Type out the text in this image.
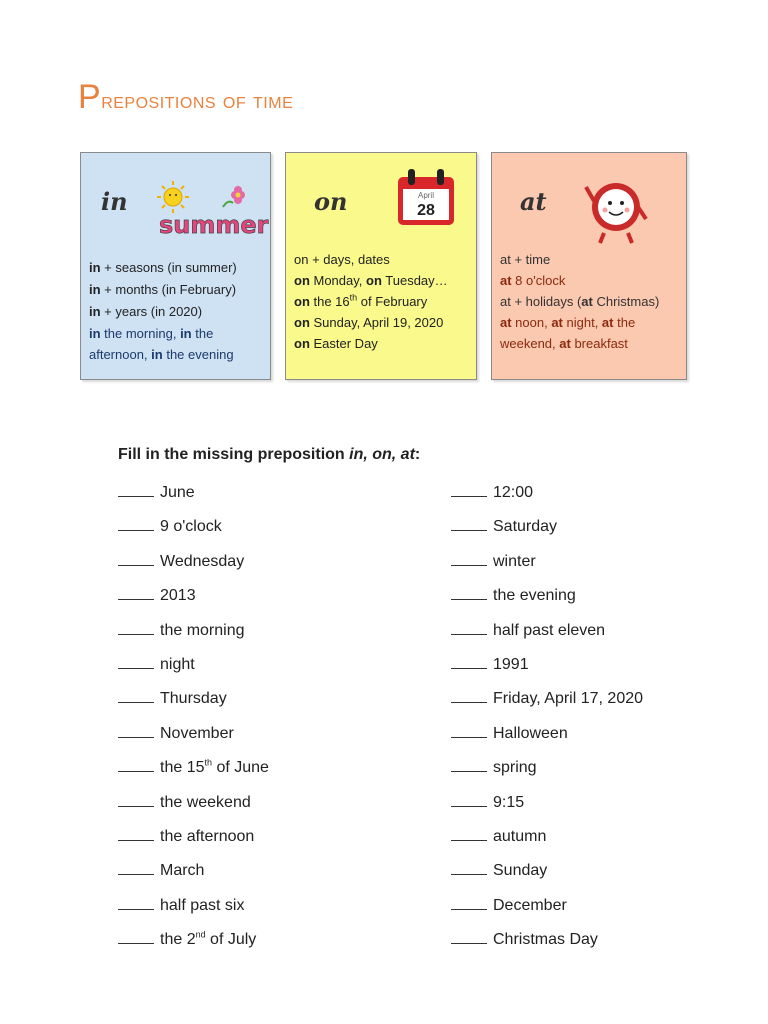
Prepositions of time
in
summer

in + seasons (in summer)

in + months (in February)

in + years (in 2020)

in the morning, in the afternoon, in the evening

on	April
28

on + days, dates

on Monday, on Tuesday…

on the 16th of February

on Sunday, April 19, 2020

on Easter Day

at

at + time

at 8 o'clock

at + holidays (at Christmas)

at noon, at night, at the weekend, at breakfast

Fill in the missing preposition in, on, at:
June
9 o'clock
Wednesday
2013
the morning
night
Thursday
November
the 15th of June
the weekend
the afternoon
March
half past six
the 2nd of July
12:00
Saturday
winter
the evening
half past eleven
1991
Friday, April 17, 2020
Halloween
spring
9:15
autumn
Sunday
December
Christmas Day
